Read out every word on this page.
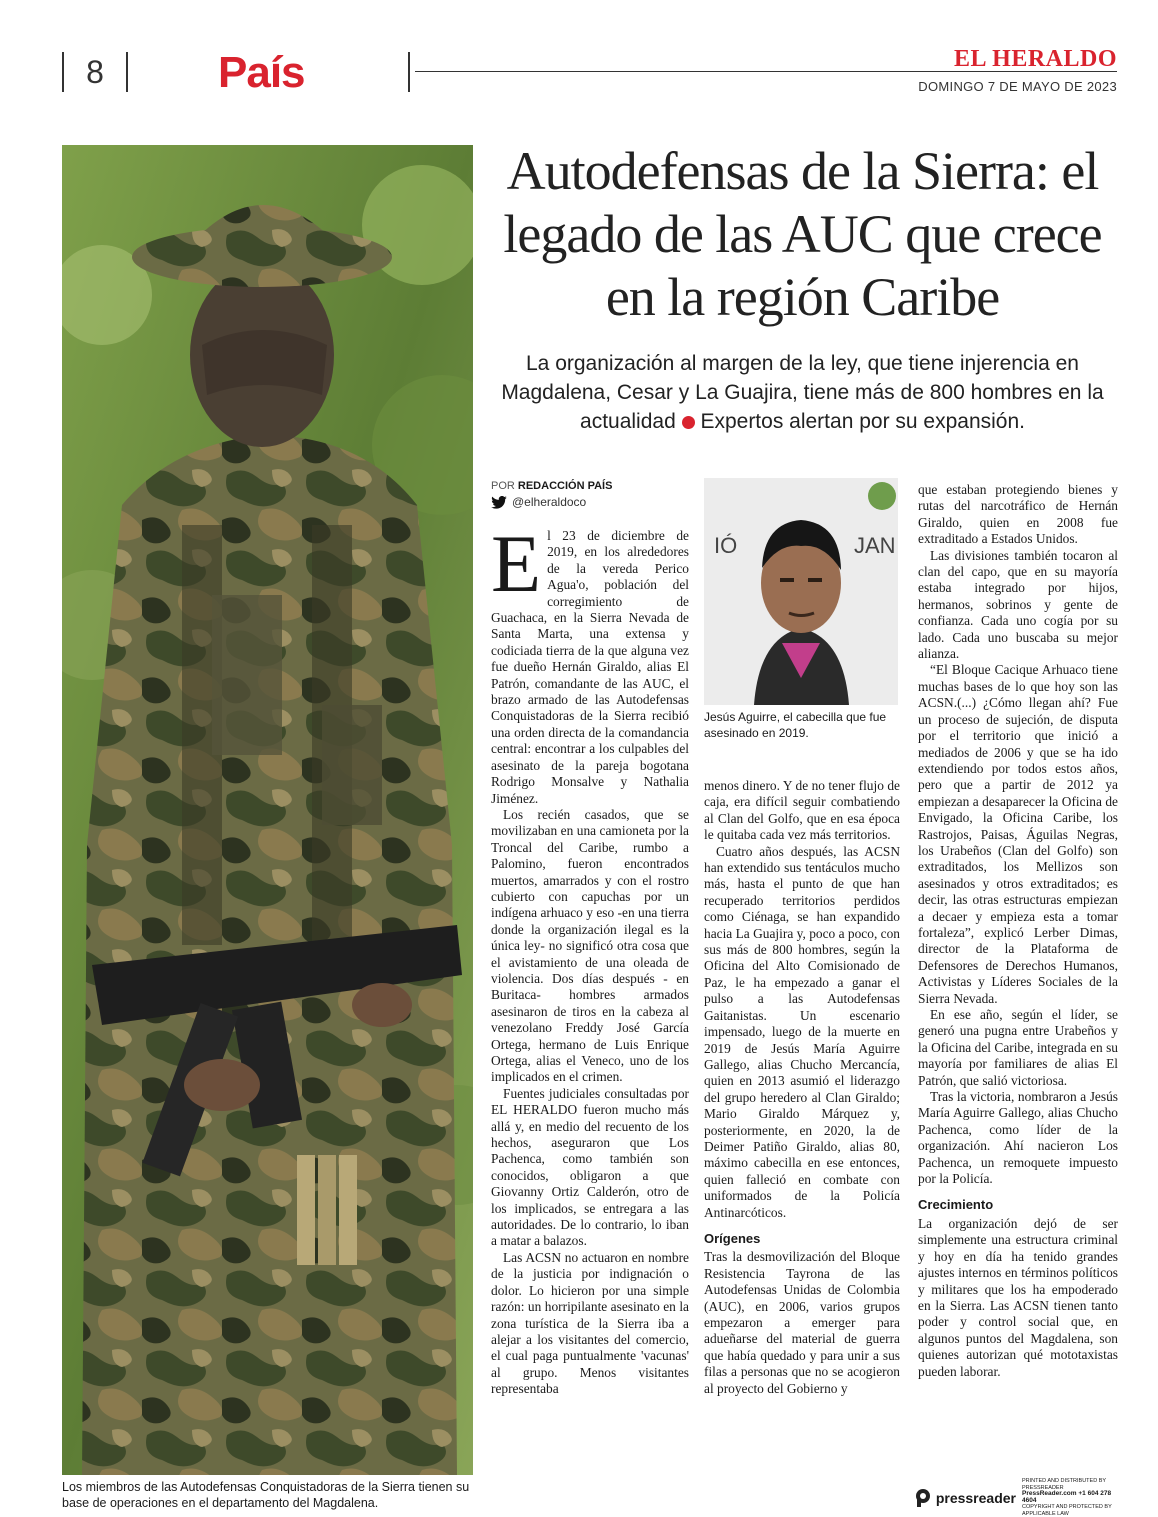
8	País	EL HERALDO
DOMINGO 7 DE MAYO DE 2023
Los miembros de las Autodefensas Conquistadoras de la Sierra tienen su base de operaciones en el departamento del Magdalena.
Autodefensas de la Sierra: el legado de las AUC que crece en la región Caribe
La organización al margen de la ley, que tiene injerencia en Magdalena, Cesar y La Guajira, tiene más de 800 hombres en la actualidad Expertos alertan por su expansión.
POR REDACCIÓN PAÍS
@elheraldoco

El 23 de diciembre de 2019, en los alrededores de la vereda Perico Agua'o, población del corregimiento de Guachaca, en la Sierra Nevada de Santa Marta, una extensa y codiciada tierra de la que alguna vez fue dueño Hernán Giraldo, alias El Patrón, comandante de las AUC, el brazo armado de las Autodefensas Conquistadoras de la Sierra recibió una orden directa de la comandancia central: encontrar a los culpables del asesinato de la pareja bogotana Rodrigo Monsalve y Nathalia Jiménez.

Los recién casados, que se movilizaban en una camioneta por la Troncal del Caribe, rumbo a Palomino, fueron encontrados muertos, amarrados y con el rostro cubierto con capuchas por un indígena arhuaco y eso -en una tierra donde la organización ilegal es la única ley- no significó otra cosa que el avistamiento de una oleada de violencia. Dos días después - en Buritaca- hombres armados asesinaron de tiros en la cabeza al venezolano Freddy José García Ortega, hermano de Luis Enrique Ortega, alias el Veneco, uno de los implicados en el crimen.

Fuentes judiciales consultadas por EL HERALDO fueron mucho más allá y, en medio del recuento de los hechos, aseguraron que Los Pachenca, como también son conocidos, obligaron a que Giovanny Ortiz Calderón, otro de los implicados, se entregara a las autoridades. De lo contrario, lo iban a matar a balazos.

Las ACSN no actuaron en nombre de la justicia por indignación o dolor. Lo hicieron por una simple razón: un horripilante asesinato en la zona turística de la Sierra iba a alejar a los visitantes del comercio, el cual paga puntualmente 'vacunas' al grupo. Menos visitantes representaba

IÓ	JAN
Jesús Aguirre, el cabecilla que fue asesinado en 2019.

menos dinero. Y de no tener flujo de caja, era difícil seguir combatiendo al Clan del Golfo, que en esa época le quitaba cada vez más territorios.

Cuatro años después, las ACSN han extendido sus tentáculos mucho más, hasta el punto de que han recuperado territorios perdidos como Ciénaga, se han expandido hacia La Guajira y, poco a poco, con sus más de 800 hombres, según la Oficina del Alto Comisionado de Paz, le ha empezado a ganar el pulso a las Autodefensas Gaitanistas. Un escenario impensado, luego de la muerte en 2019 de Jesús María Aguirre Gallego, alias Chucho Mercancía, quien en 2013 asumió el liderazgo del grupo heredero al Clan Giraldo; Mario Giraldo Márquez y, posteriormente, en 2020, la de Deimer Patiño Giraldo, alias 80, máximo cabecilla en ese entonces, quien falleció en combate con uniformados de la Policía Antinarcóticos.

Orígenes

Tras la desmovilización del Bloque Resistencia Tayrona de las Autodefensas Unidas de Colombia (AUC), en 2006, varios grupos empezaron a emerger para adueñarse del material de guerra que había quedado y para unir a sus filas a personas que no se acogieron al proyecto del Gobierno y

que estaban protegiendo bienes y rutas del narcotráfico de Hernán Giraldo, quien en 2008 fue extraditado a Estados Unidos.

Las divisiones también tocaron al clan del capo, que en su mayoría estaba integrado por hijos, hermanos, sobrinos y gente de confianza. Cada uno cogía por su lado. Cada uno buscaba su mejor alianza.

“El Bloque Cacique Arhuaco tiene muchas bases de lo que hoy son las ACSN.(...) ¿Cómo llegan ahí? Fue un proceso de sujeción, de disputa por el territorio que inició a mediados de 2006 y que se ha ido extendiendo por todos estos años, pero que a partir de 2012 ya empiezan a desaparecer la Oficina de Envigado, la Oficina Caribe, los Rastrojos, Paisas, Águilas Negras, los Urabeños (Clan del Golfo) son extraditados, los Mellizos son asesinados y otros extraditados; es decir, las otras estructuras empiezan a decaer y empieza esta a tomar fortaleza”, explicó Lerber Dimas, director de la Plataforma de Defensores de Derechos Humanos, Activistas y Líderes Sociales de la Sierra Nevada.

En ese año, según el líder, se generó una pugna entre Urabeños y la Oficina del Caribe, integrada en su mayoría por familiares de alias El Patrón, que salió victoriosa.

Tras la victoria, nombraron a Jesús María Aguirre Gallego, alias Chucho Pachenca, como líder de la organización. Ahí nacieron Los Pachenca, un remoquete impuesto por la Policía.

Crecimiento

La organización dejó de ser simplemente una estructura criminal y hoy en día ha tenido grandes ajustes internos en términos políticos y militares que los ha empoderado en la Sierra. Las ACSN tienen tanto poder y control social que, en algunos puntos del Magdalena, son quienes autorizan qué mototaxistas pueden laborar.

pressreader
PRINTED AND DISTRIBUTED BY PRESSREADER
PressReader.com +1 604 278 4604
COPYRIGHT AND PROTECTED BY APPLICABLE LAW
